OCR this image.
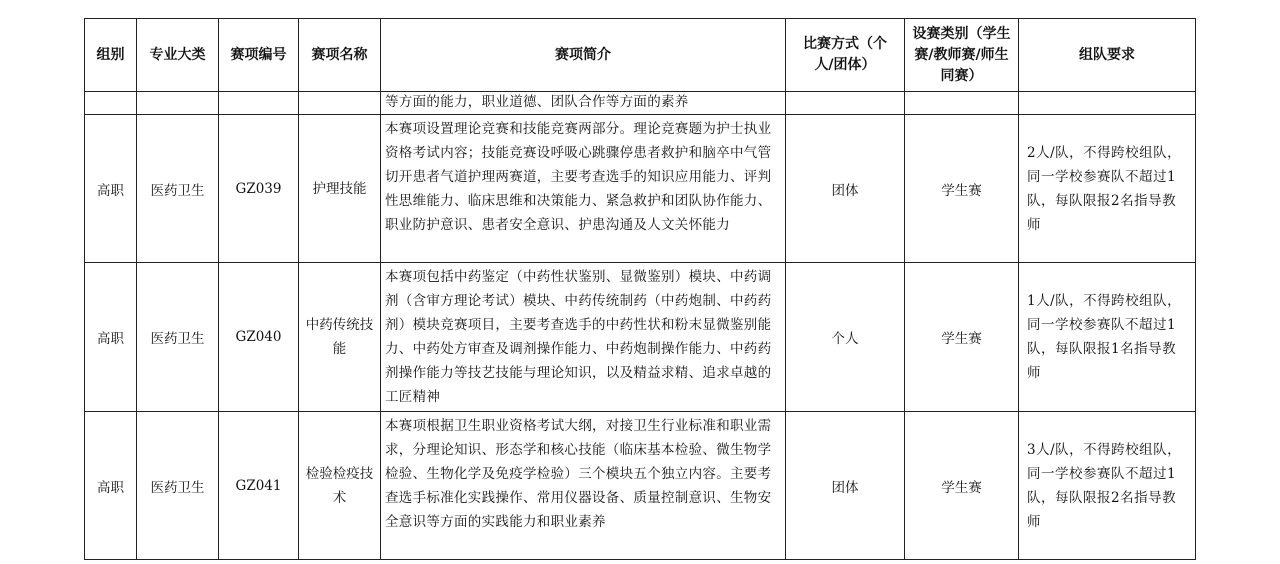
组别	专业大类	赛项编号	赛项名称	赛项简介	比赛方式（个人/团体）	设赛类别（学生赛/教师赛/师生同赛）	组队要求
				等方面的能力，职业道德、团队合作等方面的素养			
高职	医药卫生	GZ039	护理技能	本赛项设置理论竞赛和技能竞赛两部分。理论竞赛题为护士执业资格考试内容；技能竞赛设呼吸心跳骤停患者救护和脑卒中气管切开患者气道护理两赛道，主要考查选手的知识应用能力、评判性思维能力、临床思维和决策能力、紧急救护和团队协作能力、职业防护意识、患者安全意识、护患沟通及人文关怀能力	团体	学生赛	2人/队，不得跨校组队，同一学校参赛队不超过1队，每队限报2名指导教师
高职	医药卫生	GZ040	中药传统技能	本赛项包括中药鉴定（中药性状鉴别、显微鉴别）模块、中药调剂（含审方理论考试）模块、中药传统制药（中药炮制、中药药剂）模块竞赛项目，主要考查选手的中药性状和粉末显微鉴别能力、中药处方审查及调剂操作能力、中药炮制操作能力、中药药剂操作能力等技艺技能与理论知识，以及精益求精、追求卓越的工匠精神	个人	学生赛	1人/队，不得跨校组队，同一学校参赛队不超过1队，每队限报1名指导教师
高职	医药卫生	GZ041	检验检疫技术	本赛项根据卫生职业资格考试大纲，对接卫生行业标准和职业需求，分理论知识、形态学和核心技能（临床基本检验、微生物学检验、生物化学及免疫学检验）三个模块五个独立内容。主要考查选手标准化实践操作、常用仪器设备、质量控制意识、生物安全意识等方面的实践能力和职业素养	团体	学生赛	3人/队，不得跨校组队，同一学校参赛队不超过1队，每队限报2名指导教师
